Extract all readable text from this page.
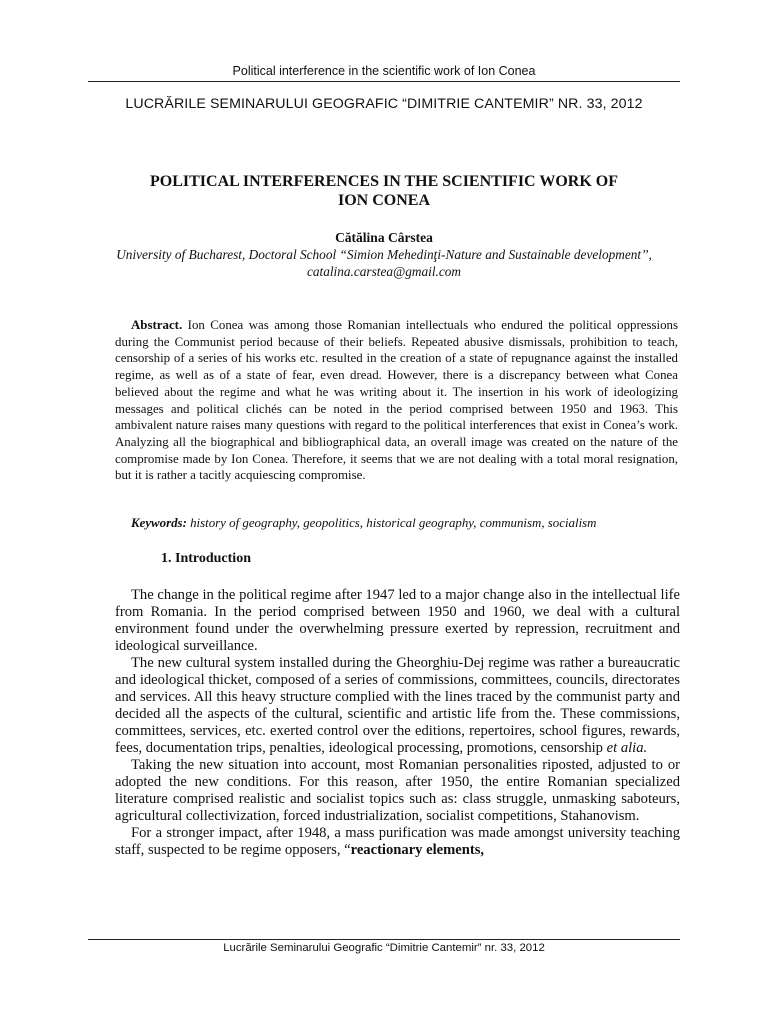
Political interference in the scientific work of Ion Conea
LUCRĂRILE SEMINARULUI GEOGRAFIC “DIMITRIE CANTEMIR” NR. 33, 2012
POLITICAL INTERFERENCES IN THE SCIENTIFIC WORK OF
ION CONEA
Cătălina Cârstea
University of Bucharest, Doctoral School “Simion Mehedinţi-Nature and Sustainable development’’, catalina.carstea@gmail.com

Abstract. Ion Conea was among those Romanian intellectuals who endured the political oppressions during the Communist period because of their beliefs. Repeated abusive dismissals, prohibition to teach, censorship of a series of his works etc. resulted in the creation of a state of repugnance against the installed regime, as well as of a state of fear, even dread. However, there is a discrepancy between what Conea believed about the regime and what he was writing about it. The insertion in his work of ideologizing messages and political clichés can be noted in the period comprised between 1950 and 1963. This ambivalent nature raises many questions with regard to the political interferences that exist in Conea’s work. Analyzing all the biographical and bibliographical data, an overall image was created on the nature of the compromise made by Ion Conea. Therefore, it seems that we are not dealing with a total moral resignation, but it is rather a tacitly acquiescing compromise.

Keywords: history of geography, geopolitics, historical geography, communism, socialism

1. Introduction

The change in the political regime after 1947 led to a major change also in the intellectual life from Romania. In the period comprised between 1950 and 1960, we deal with a cultural environment found under the overwhelming pressure exerted by repression, recruitment and ideological surveillance.

The new cultural system installed during the Gheorghiu-Dej regime was rather a bureaucratic and ideological thicket, composed of a series of commissions, committees, councils, directorates and services. All this heavy structure complied with the lines traced by the communist party and decided all the aspects of the cultural, scientific and artistic life from the. These commissions, committees, services, etc. exerted control over the editions, repertoires, school figures, rewards, fees, documentation trips, penalties, ideological processing, promotions, censorship et alia.

Taking the new situation into account, most Romanian personalities riposted, adjusted to or adopted the new conditions. For this reason, after 1950, the entire Romanian specialized literature comprised realistic and socialist topics such as: class struggle, unmasking saboteurs, agricultural collectivization, forced industrialization, socialist competitions, Stahanovism.

For a stronger impact, after 1948, a mass purification was made amongst university teaching staff, suspected to be regime opposers, “reactionary elements,

Lucrările Seminarului Geografic “Dimitrie Cantemir” nr. 33, 2012
